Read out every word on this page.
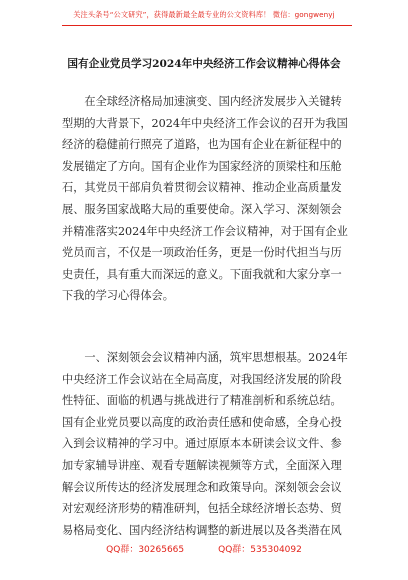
关注头条号“公文研究”，获得最新最全最专业的公文资料库！ 微信：gongwenyj
国有企业党员学习2024年中央经济工作会议精神心得体会
在全球经济格局加速演变、国内经济发展步入关键转
型期的大背景下，2024年中央经济工作会议的召开为我国
经济的稳健前行照亮了道路，也为国有企业在新征程中的
发展锚定了方向。国有企业作为国家经济的顶梁柱和压舱
石，其党员干部肩负着贯彻会议精神、推动企业高质量发
展、服务国家战略大局的重要使命。深入学习、深刻领会
并精准落实2024年中央经济工作会议精神，对于国有企业
党员而言，不仅是一项政治任务，更是一份时代担当与历
史责任，具有重大而深远的意义。下面我就和大家分享一
下我的学习心得体会。
一、深刻领会会议精神内涵，筑牢思想根基。2024年
中央经济工作会议站在全局高度，对我国经济发展的阶段
性特征、面临的机遇与挑战进行了精准剖析和系统总结。
国有企业党员要以高度的政治责任感和使命感，全身心投
入到会议精神的学习中。通过原原本本研读会议文件、参
加专家辅导讲座、观看专题解读视频等方式，全面深入理
解会议所传达的经济发展理念和政策导向。深刻领会会议
对宏观经济形势的精准研判，包括全球经济增长态势、贸
易格局变化、国内经济结构调整的新进展以及各类潜在风
QQ群：30265665	QQ群：535304092
